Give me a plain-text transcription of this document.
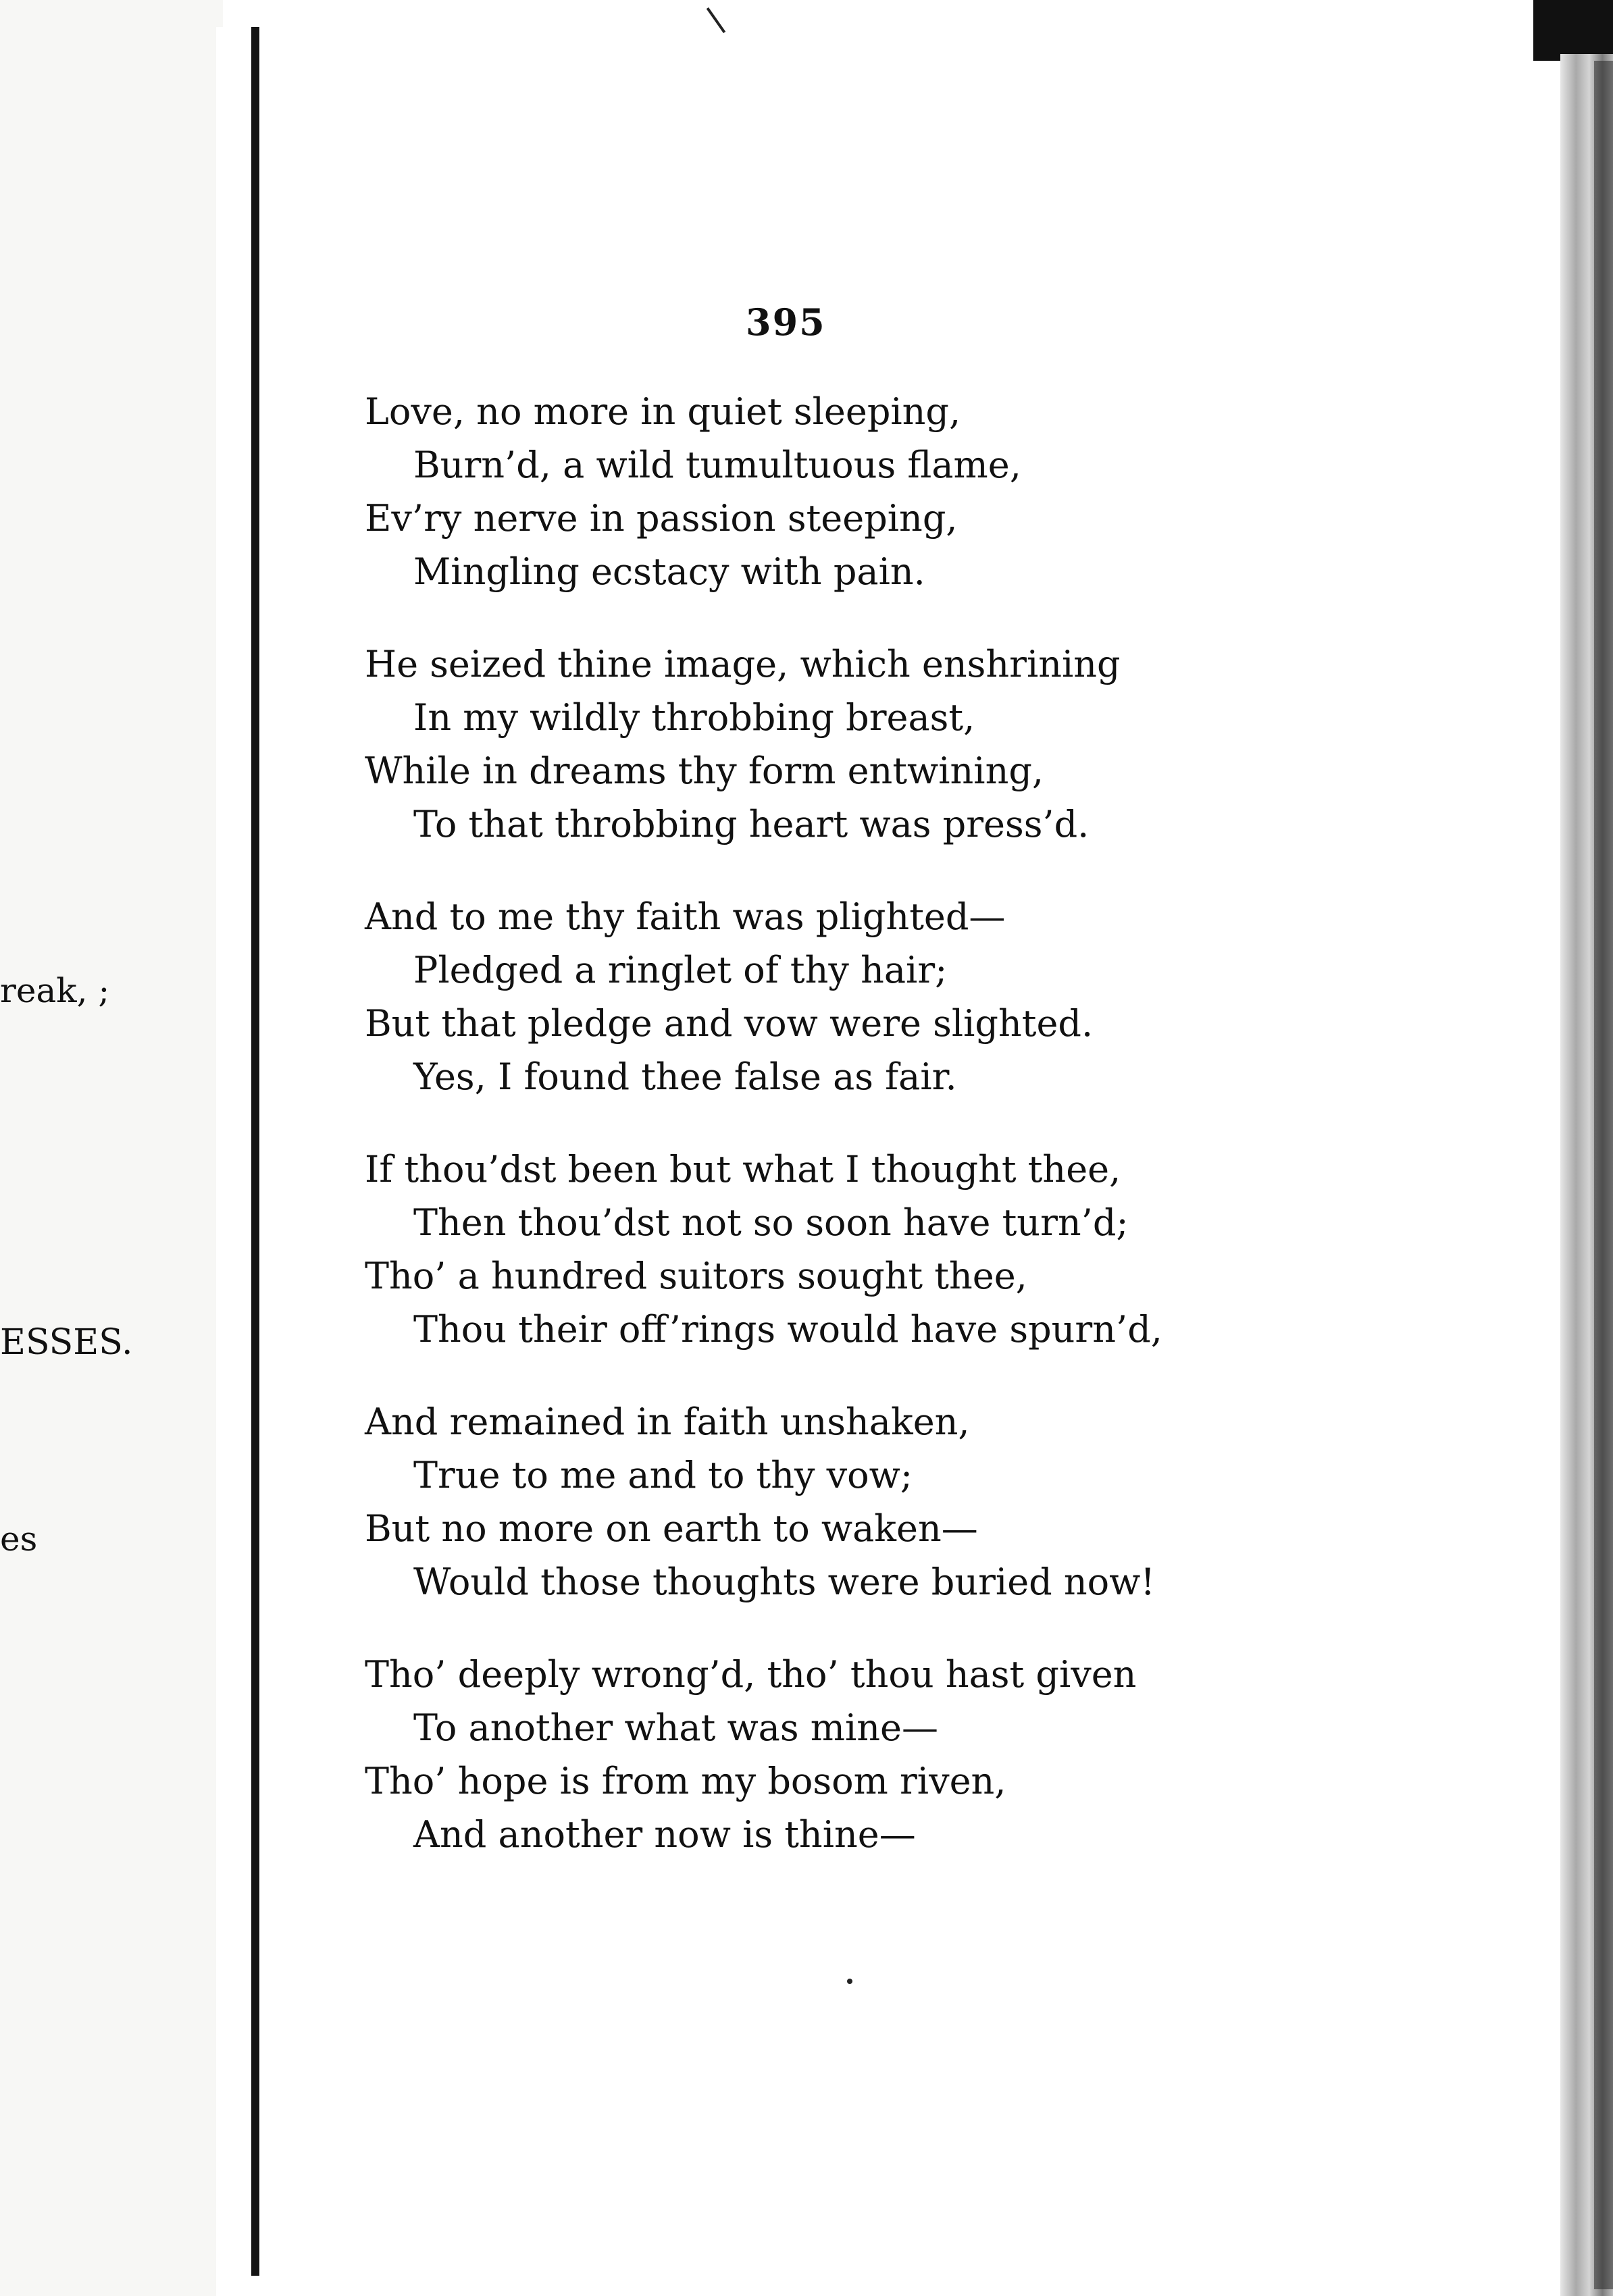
reak, ;
ESSES.
es
395
Love, no more in quiet sleeping,
Burn’d, a wild tumultuous flame,
Ev’ry nerve in passion steeping,
Mingling ecstacy with pain.
He seized thine image, which enshrining
In my wildly throbbing breast,
While in dreams thy form entwining,
To that throbbing heart was press’d.
And to me thy faith was plighted—
Pledged a ringlet of thy hair;
But that pledge and vow were slighted.
Yes, I found thee false as fair.
If thou’dst been but what I thought thee,
Then thou’dst not so soon have turn’d;
Tho’ a hundred suitors sought thee,
Thou their off’rings would have spurn’d,
And remained in faith unshaken,
True to me and to thy vow;
But no more on earth to waken—
Would those thoughts were buried now!
Tho’ deeply wrong’d, tho’ thou hast given
To another what was mine—
Tho’ hope is from my bosom riven,
And another now is thine—
